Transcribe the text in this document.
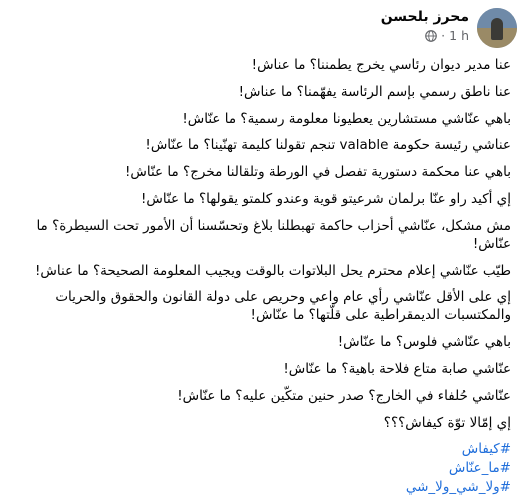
محرز بلحسن
1 h
·

عنا مدير ديوان رئاسي يخرج يطمننا؟ ما عناش!

عنا ناطق رسمي بإسم الرئاسة يفهّمنا؟ ما عناش!

باهي عنّاشي مستشارين يعطيونا معلومة رسمية؟ ما عنّاش!

عناشي رئيسة حكومة valable تنجم تقولنا كليمة تهنّينا؟ ما عنّاش!

باهي عنا محكمة دستورية تفصل في الورطة وتلقالنا مخرج؟ ما عنّاش!

إي أكيد راو عنّا برلمان شرعيتو قوية وعندو كلمتو يقولها؟ ما عنّاش!

مش مشكل، عنّاشي أحزاب حاكمة تهبطلنا بلاغ وتحسّسنا أن الأمور تحت السيطرة؟ ما عنّاش!

طيّب عنّاشي إعلام محترم يحل البلاتوات بالوقت ويجيب المعلومة الصحيحة؟ ما عناش!

إي على الأقل عنّاشي رأي عام واعي وحريص على دولة القانون والحقوق والحريات والمكتسبات الديمقراطية على قلّتها؟ ما عنّاش!

باهي عنّاشي فلوس؟ ما عنّاش!

عنّاشي صابة متاع فلاحة باهية؟ ما عنّاش!

عنّاشي حُلفاء في الخارج؟ صدر حنين متكّين عليه؟ ما عنّاش!

إي إمّالا توّة كيفاش؟؟؟

#كيفاش
#ما_عنّاش
#ولا_شي_ولا_شي
